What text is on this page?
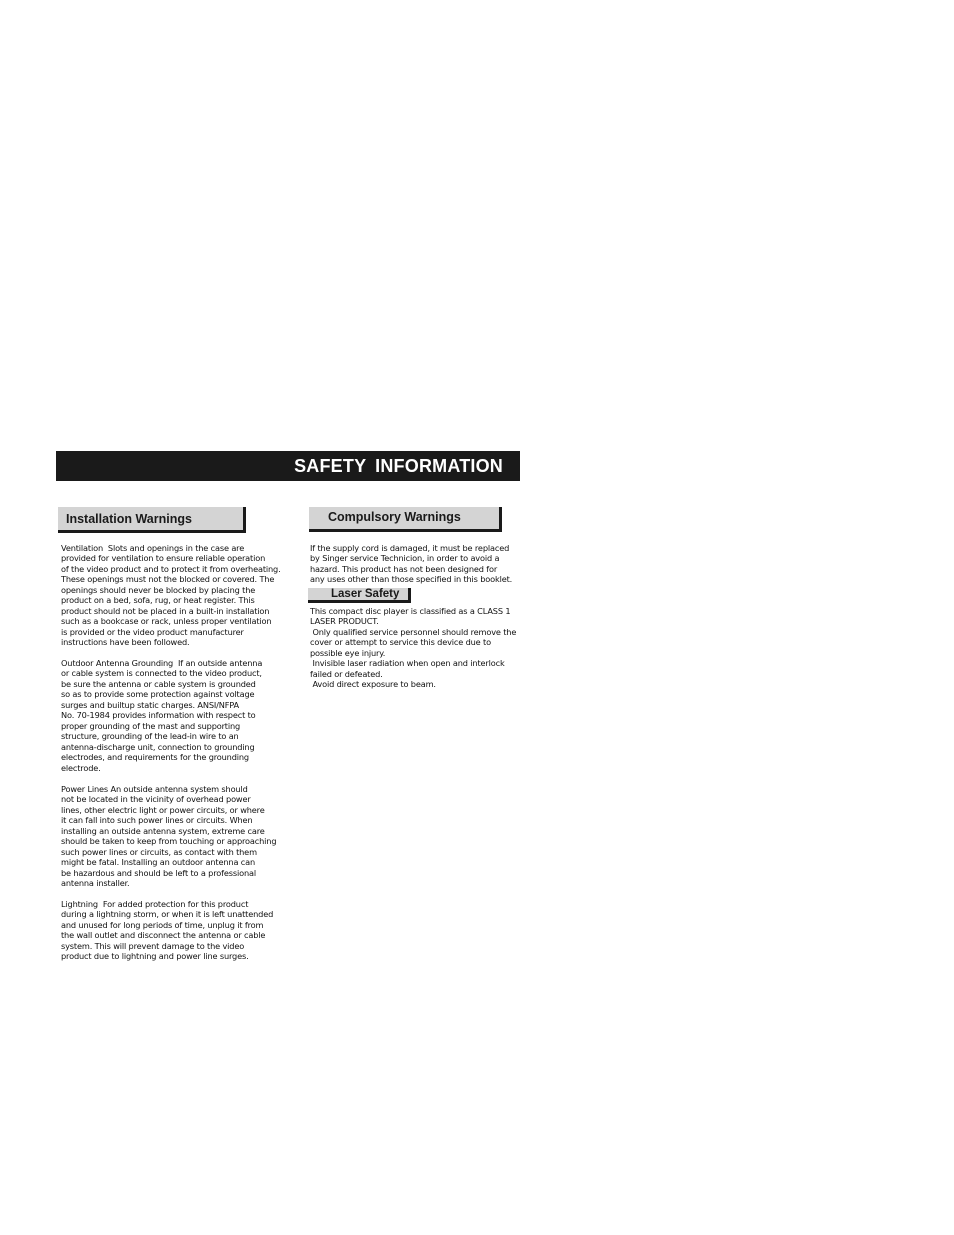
SAFETY INFORMATION
Installation Warnings
Ventilation  Slots and openings in the case are
provided for ventilation to ensure reliable operation
of the video product and to protect it from overheating.
These openings must not the blocked or covered. The
openings should never be blocked by placing the
product on a bed, sofa, rug, or heat register. This
product should not be placed in a built-in installation
such as a bookcase or rack, unless proper ventilation
is provided or the video product manufacturer
instructions have been followed.
Outdoor Antenna Grounding  If an outside antenna
or cable system is connected to the video product,
be sure the antenna or cable system is grounded
so as to provide some protection against voltage
surges and builtup static charges. ANSI/NFPA
No. 70-1984 provides information with respect to
proper grounding of the mast and supporting
structure, grounding of the lead-in wire to an
antenna-discharge unit, connection to grounding
electrodes, and requirements for the grounding
electrode.
Power Lines An outside antenna system should
not be located in the vicinity of overhead power
lines, other electric light or power circuits, or where
it can fall into such power lines or circuits. When
installing an outside antenna system, extreme care
should be taken to keep from touching or approaching
such power lines or circuits, as contact with them
might be fatal. Installing an outdoor antenna can
be hazardous and should be left to a professional
antenna installer.
Lightning  For added protection for this product
during a lightning storm, or when it is left unattended
and unused for long periods of time, unplug it from
the wall outlet and disconnect the antenna or cable
system. This will prevent damage to the video
product due to lightning and power line surges.
Compulsory Warnings
If the supply cord is damaged, it must be replaced
by Singer service Technicion, in order to avoid a
hazard. This product has not been designed for
any uses other than those specified in this booklet.
Laser Safety
This compact disc player is classified as a CLASS 1
LASER PRODUCT.
Only qualified service personnel should remove the
cover or attempt to service this device due to
possible eye injury.
Invisible laser radiation when open and interlock
failed or defeated.
Avoid direct exposure to beam.
